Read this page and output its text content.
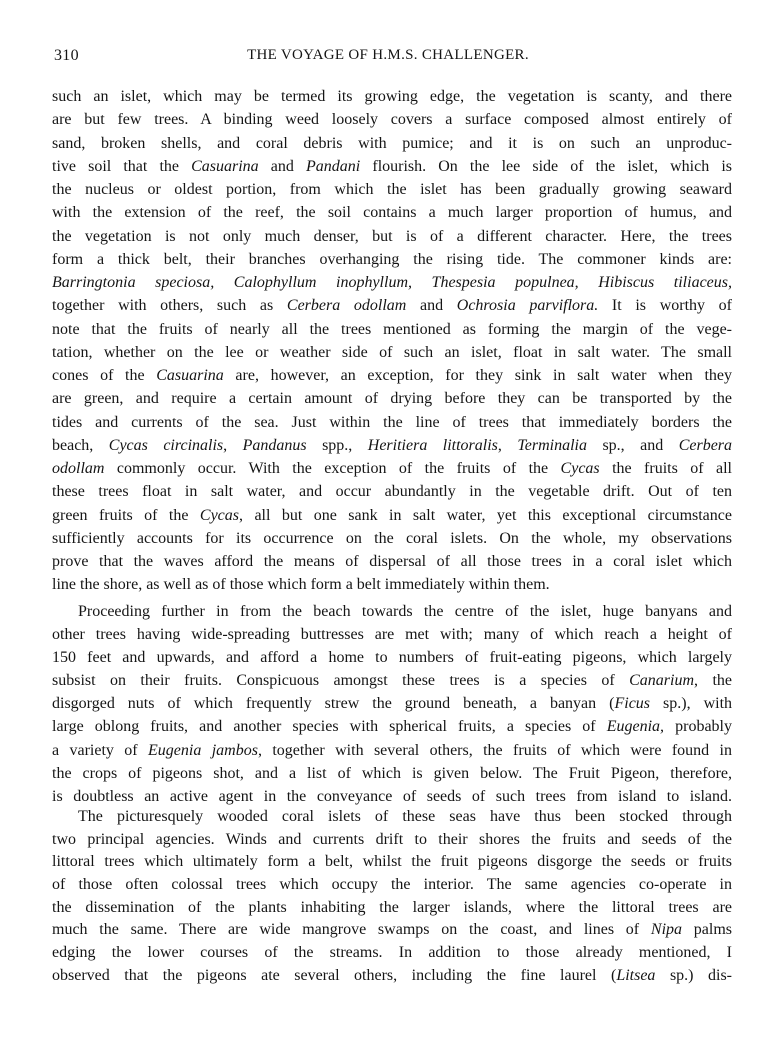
310	THE VOYAGE OF H.M.S. CHALLENGER.
such an islet, which may be termed its growing edge, the vegetation is scanty, and there
are but few trees. A binding weed loosely covers a surface composed almost entirely of
sand, broken shells, and coral debris with pumice; and it is on such an unproduc-
tive soil that the Casuarina and Pandani flourish. On the lee side of the islet, which is
the nucleus or oldest portion, from which the islet has been gradually growing seaward
with the extension of the reef, the soil contains a much larger proportion of humus, and
the vegetation is not only much denser, but is of a different character. Here, the trees
form a thick belt, their branches overhanging the rising tide. The commoner kinds are:
Barringtonia speciosa, Calophyllum inophyllum, Thespesia populnea, Hibiscus tiliaceus,
together with others, such as Cerbera odollam and Ochrosia parviflora. It is worthy of
note that the fruits of nearly all the trees mentioned as forming the margin of the vege-
tation, whether on the lee or weather side of such an islet, float in salt water. The small
cones of the Casuarina are, however, an exception, for they sink in salt water when they
are green, and require a certain amount of drying before they can be transported by the
tides and currents of the sea. Just within the line of trees that immediately borders the
beach, Cycas circinalis, Pandanus spp., Heritiera littoralis, Terminalia sp., and Cerbera
odollam commonly occur. With the exception of the fruits of the Cycas the fruits of all
these trees float in salt water, and occur abundantly in the vegetable drift. Out of ten
green fruits of the Cycas, all but one sank in salt water, yet this exceptional circumstance
sufficiently accounts for its occurrence on the coral islets. On the whole, my observations
prove that the waves afford the means of dispersal of all those trees in a coral islet which
line the shore, as well as of those which form a belt immediately within them.
Proceeding further in from the beach towards the centre of the islet, huge banyans and
other trees having wide-spreading buttresses are met with; many of which reach a height of
150 feet and upwards, and afford a home to numbers of fruit-eating pigeons, which largely
subsist on their fruits. Conspicuous amongst these trees is a species of Canarium, the
disgorged nuts of which frequently strew the ground beneath, a banyan (Ficus sp.), with
large oblong fruits, and another species with spherical fruits, a species of Eugenia, probably
a variety of Eugenia jambos, together with several others, the fruits of which were found in
the crops of pigeons shot, and a list of which is given below. The Fruit Pigeon, therefore,
is doubtless an active agent in the conveyance of seeds of such trees from island to island.
The picturesquely wooded coral islets of these seas have thus been stocked through
two principal agencies. Winds and currents drift to their shores the fruits and seeds of the
littoral trees which ultimately form a belt, whilst the fruit pigeons disgorge the seeds or fruits
of those often colossal trees which occupy the interior. The same agencies co-operate in
the dissemination of the plants inhabiting the larger islands, where the littoral trees are
much the same. There are wide mangrove swamps on the coast, and lines of Nipa palms
edging the lower courses of the streams. In addition to those already mentioned, I
observed that the pigeons ate several others, including the fine laurel (Litsea sp.) dis-
